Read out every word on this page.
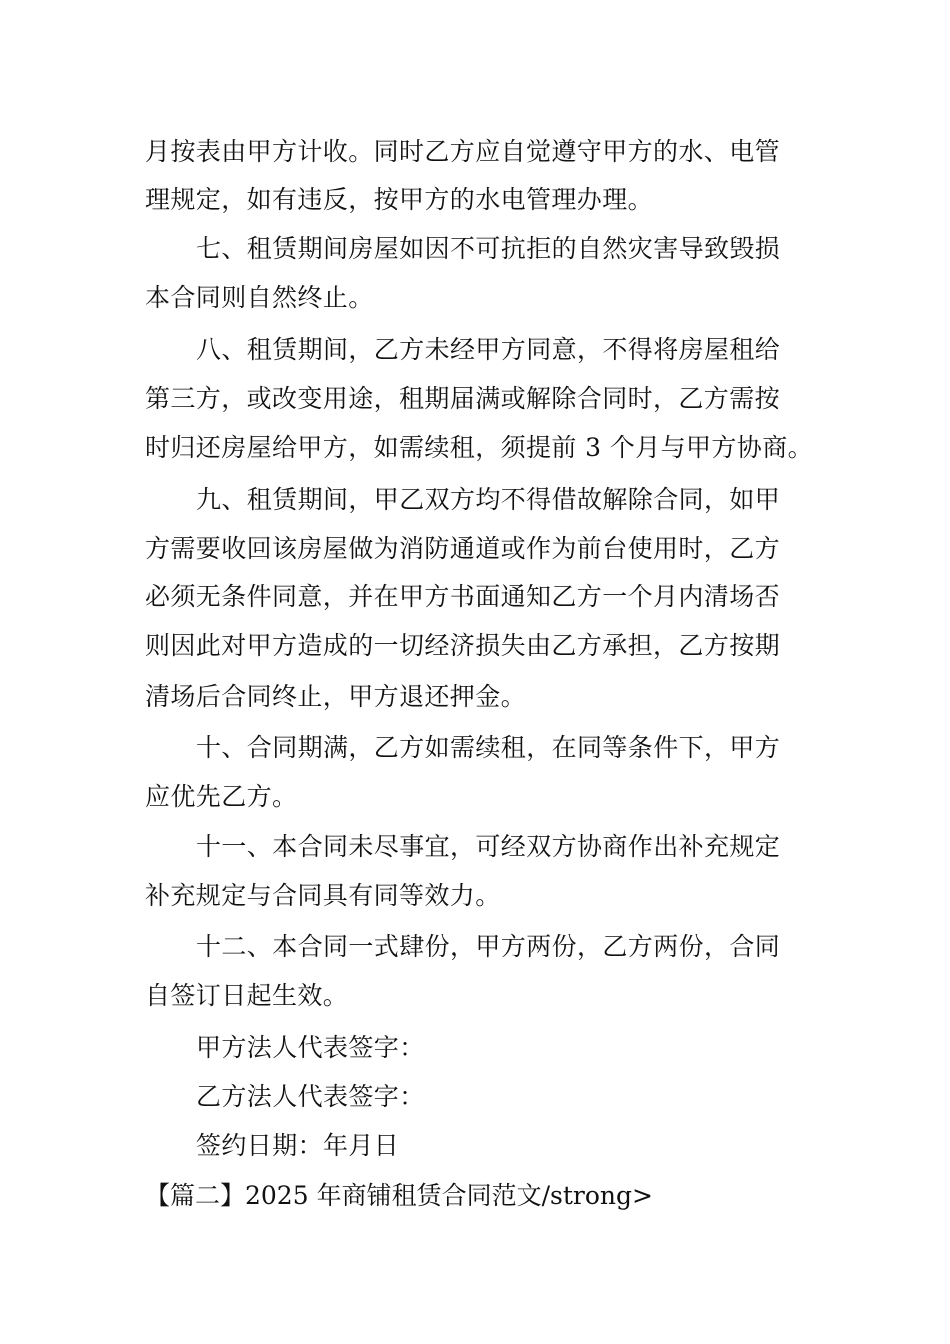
月按表由甲方计收。同时乙方应自觉遵守甲方的水、电管
理规定，如有违反，按甲方的水电管理办理。
七、租赁期间房屋如因不可抗拒的自然灾害导致毁损
本合同则自然终止。
八、租赁期间，乙方未经甲方同意，不得将房屋租给
第三方，或改变用途，租期届满或解除合同时，乙方需按
时归还房屋给甲方，如需续租，须提前 3 个月与甲方协商。
九、租赁期间，甲乙双方均不得借故解除合同，如甲
方需要收回该房屋做为消防通道或作为前台使用时，乙方
必须无条件同意，并在甲方书面通知乙方一个月内清场否
则因此对甲方造成的一切经济损失由乙方承担，乙方按期
清场后合同终止，甲方退还押金。
十、合同期满，乙方如需续租，在同等条件下，甲方
应优先乙方。
十一、本合同未尽事宜，可经双方协商作出补充规定
补充规定与合同具有同等效力。
十二、本合同一式肆份，甲方两份，乙方两份，合同
自签订日起生效。
甲方法人代表签字：
乙方法人代表签字：
签约日期：年月日
【篇二】2025 年商铺租赁合同范文/strong>
